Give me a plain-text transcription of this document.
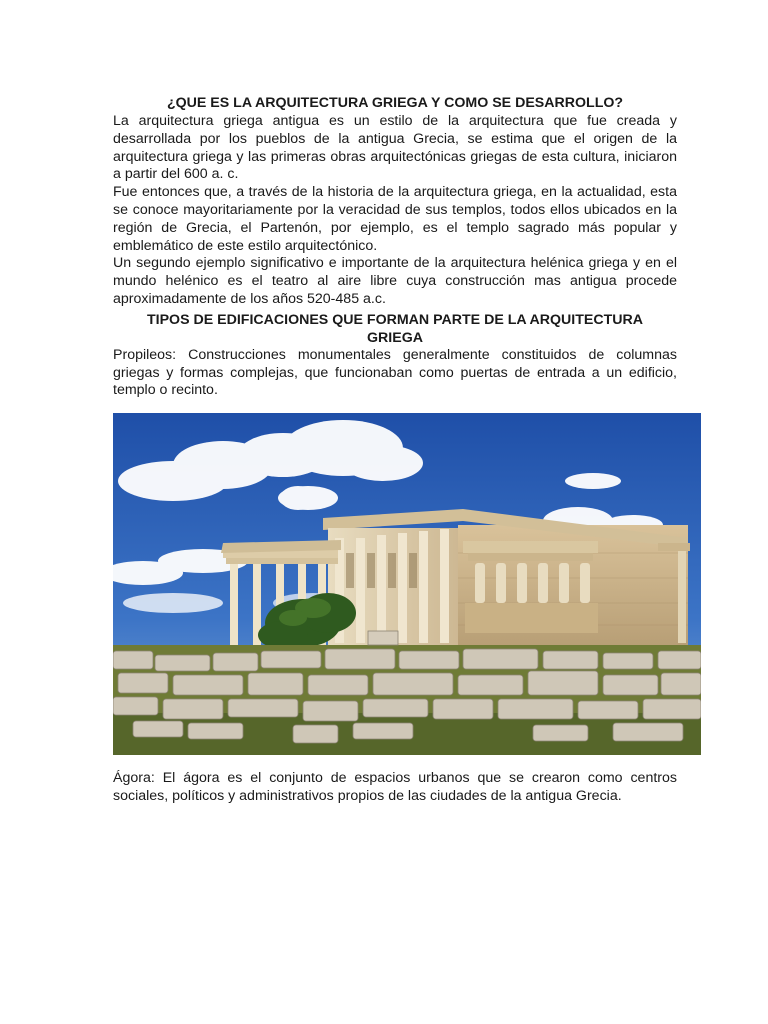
¿QUE ES LA ARQUITECTURA GRIEGA Y COMO SE DESARROLLO?

La arquitectura griega antigua es un estilo de la arquitectura que fue creada y desarrollada por los pueblos de la antigua Grecia, se estima que el origen de la arquitectura griega y las primeras obras arquitectónicas griegas de esta cultura, iniciaron a partir del 600 a. c.

Fue entonces que, a través de la historia de la arquitectura griega, en la actualidad, esta se conoce mayoritariamente por la veracidad de sus templos, todos ellos ubicados en la región de Grecia, el Partenón, por ejemplo, es el templo sagrado más popular y emblemático de este estilo arquitectónico.

Un segundo ejemplo significativo e importante de la arquitectura helénica griega y en el mundo helénico es el teatro al aire libre cuya construcción mas antigua procede aproximadamente de los años 520-485 a.c.

TIPOS DE EDIFICACIONES QUE FORMAN PARTE DE LA ARQUITECTURA GRIEGA

Propileos: Construcciones monumentales generalmente constituidos de columnas griegas y formas complejas, que funcionaban como puertas de entrada a un edificio, templo o recinto.

Ágora: El ágora es el conjunto de espacios urbanos que se crearon como centros sociales, políticos y administrativos propios de las ciudades de la antigua Grecia.
